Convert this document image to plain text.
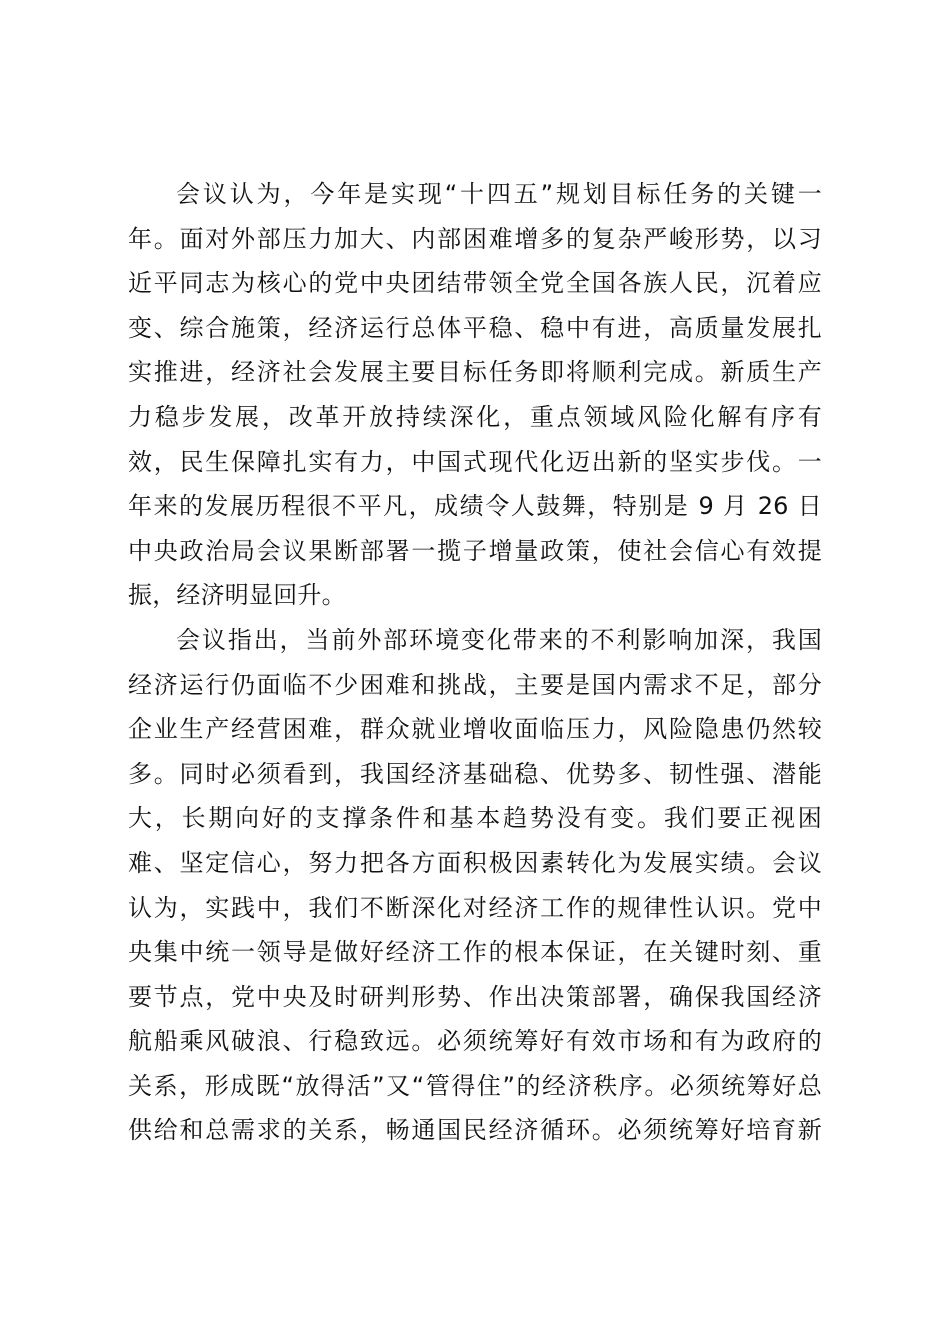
会议认为，今年是实现“十四五”规划目标任务的关键一
年。面对外部压力加大、内部困难增多的复杂严峻形势，以习
近平同志为核心的党中央团结带领全党全国各族人民，沉着应
变、综合施策，经济运行总体平稳、稳中有进，高质量发展扎
实推进，经济社会发展主要目标任务即将顺利完成。新质生产
力稳步发展，改革开放持续深化，重点领域风险化解有序有
效，民生保障扎实有力，中国式现代化迈出新的坚实步伐。一
年来的发展历程很不平凡，成绩令人鼓舞，特别是 9 月 26 日
中央政治局会议果断部署一揽子增量政策，使社会信心有效提
振，经济明显回升。
会议指出，当前外部环境变化带来的不利影响加深，我国
经济运行仍面临不少困难和挑战，主要是国内需求不足，部分
企业生产经营困难，群众就业增收面临压力，风险隐患仍然较
多。同时必须看到，我国经济基础稳、优势多、韧性强、潜能
大，长期向好的支撑条件和基本趋势没有变。我们要正视困
难、坚定信心，努力把各方面积极因素转化为发展实绩。会议
认为，实践中，我们不断深化对经济工作的规律性认识。党中
央集中统一领导是做好经济工作的根本保证，在关键时刻、重
要节点，党中央及时研判形势、作出决策部署，确保我国经济
航船乘风破浪、行稳致远。必须统筹好有效市场和有为政府的
关系，形成既“放得活”又“管得住”的经济秩序。必须统筹好总
供给和总需求的关系，畅通国民经济循环。必须统筹好培育新
